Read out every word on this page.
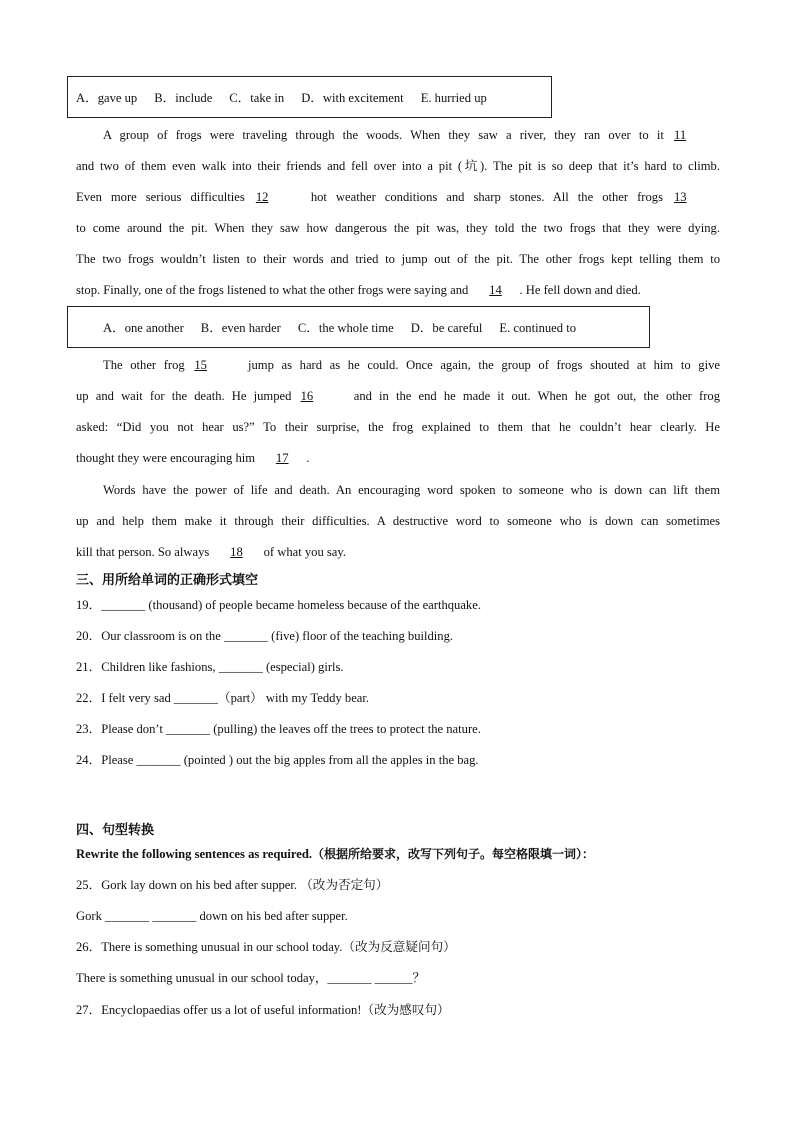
A．gave up B．include C．take in D．with excitement E. hurried up
A group of frogs were traveling through the woods. When they saw a river, they ran over to it 11
and two of them even walk into their friends and fell over into a pit (坑). The pit is so deep that it’s hard to climb.
Even more serious difficulties 12	hot weather conditions and sharp stones. All the other frogs 13
to come around the pit. When they saw how dangerous the pit was, they told the two frogs that they were dying.
The two frogs wouldn’t listen to their words and tried to jump out of the pit. The other frogs kept telling them to
stop. Finally, one of the frogs listened to what the other frogs were saying and 14 . He fell down and died.
A．one another B．even harder C．the whole time D．be careful E. continued to
The other frog 15	jump as hard as he could. Once again, the group of frogs shouted at him to give
up and wait for the death. He jumped 16	and in the end he made it out. When he got out, the other frog
asked: “Did you not hear us?” To their surprise, the frog explained to them that he couldn’t hear clearly. He
thought they were encouraging him 17 .
Words have the power of life and death. An encouraging word spoken to someone who is down can lift them
up and help them make it through their difficulties. A destructive word to someone who is down can sometimes
kill that person. So always 18 of what you say.
三、用所给单词的正确形式填空
19．_______ (thousand) of people became homeless because of the earthquake.
20．Our classroom is on the _______ (five) floor of the teaching building.
21．Children like fashions, _______ (especial) girls.
22．I felt very sad _______（part） with my Teddy bear.
23．Please don’t _______ (pulling) the leaves off the trees to protect the nature.
24．Please _______ (pointed ) out the big apples from all the apples in the bag.
四、句型转换
Rewrite the following sentences as required.（根据所给要求，改写下列句子。每空格限填一词）：
25．Gork lay down on his bed after supper. （改为否定句）
Gork _______ _______ down on his bed after supper.
26．There is something unusual in our school today.（改为反意疑问句）
There is something unusual in our school today，_______ ______？
27．Encyclopaedias offer us a lot of useful information!（改为感叹句）
